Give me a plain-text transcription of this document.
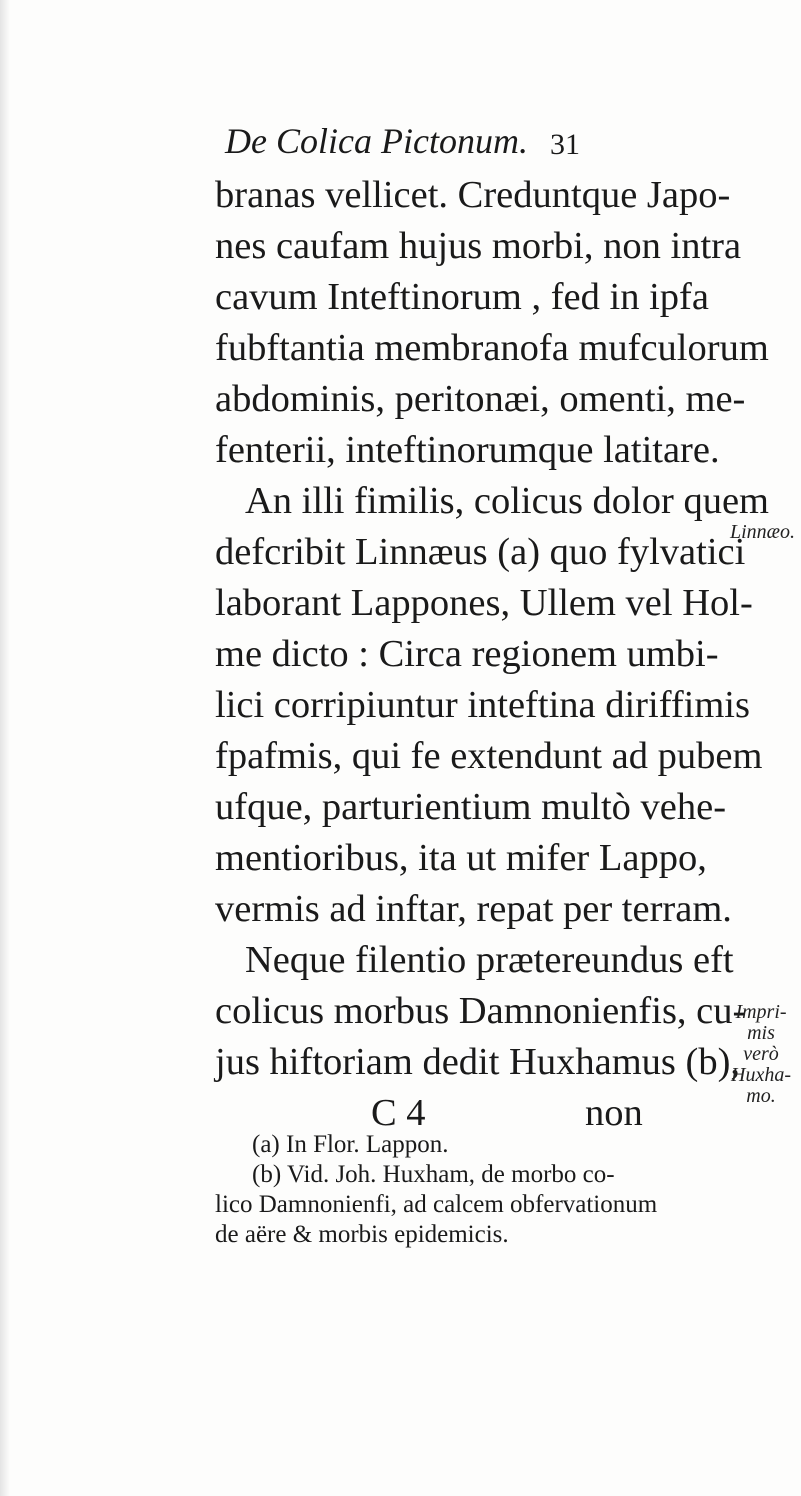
De Colica Pictonum. 31
branas vellicet. Creduntque Japo-
nes caufam hujus morbi, non intra
cavum Inteftinorum , fed in ipfa
fubftantia membranofa mufculorum
abdominis, peritonæi, omenti, me-
fenterii, inteftinorumque latitare.
An illi fimilis, colicus dolor quem
defcribit Linnæus (a) quo fylvatici
laborant Lappones, Ullem vel Hol-
me dicto : Circa regionem umbi-
lici corripiuntur inteftina diriffimis
fpafmis, qui fe extendunt ad pubem
ufque, parturientium multò vehe-
mentioribus, ita ut mifer Lappo,
vermis ad inftar, repat per terram.
Neque filentio prætereundus eft
colicus morbus Damnonienfis, cu-
jus hiftoriam dedit Huxhamus (b),
C 4	non
Linnæo.
Impri-
mis verò
Huxha-
mo.
(a) In Flor. Lappon.
(b) Vid. Joh. Huxham, de morbo co-
lico Damnonienfi, ad calcem obfervationum
de aëre & morbis epidemicis.
